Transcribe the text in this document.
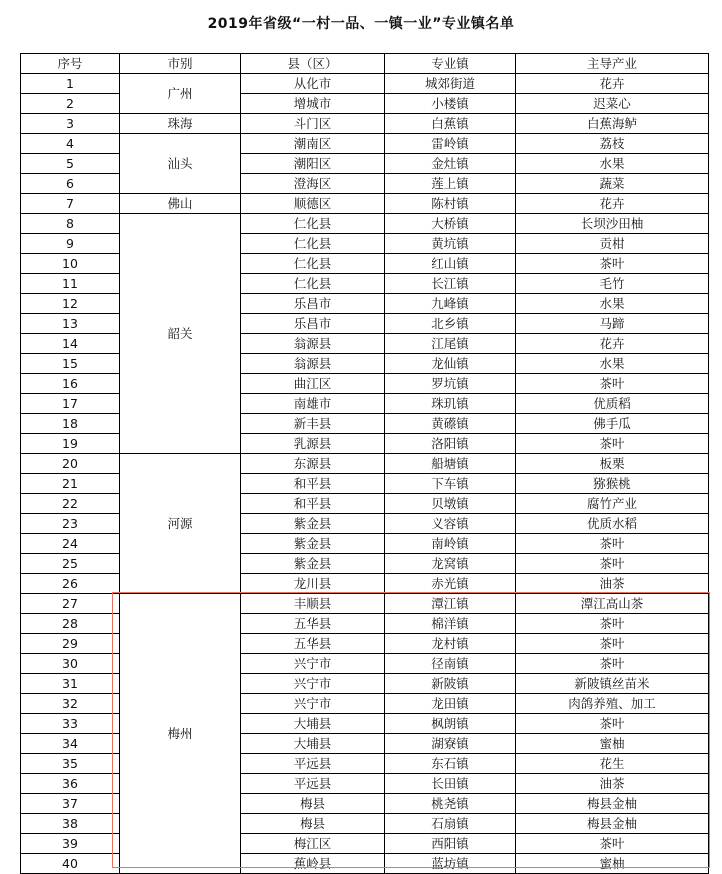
2019年省级“一村一品、一镇一业”专业镇名单
序号	市别	县（区）	专业镇	主导产业
1	广州	从化市	城郊街道	花卉
2		增城市	小楼镇	迟菜心
3	珠海	斗门区	白蕉镇	白蕉海鲈
4	汕头	潮南区	雷岭镇	荔枝
5		潮阳区	金灶镇	水果
6		澄海区	莲上镇	蔬菜
7	佛山	顺德区	陈村镇	花卉
8	韶关	仁化县	大桥镇	长坝沙田柚
9		仁化县	黄坑镇	贡柑
10		仁化县	红山镇	茶叶
11		仁化县	长江镇	毛竹
12		乐昌市	九峰镇	水果
13		乐昌市	北乡镇	马蹄
14		翁源县	江尾镇	花卉
15		翁源县	龙仙镇	水果
16		曲江区	罗坑镇	茶叶
17		南雄市	珠玑镇	优质稻
18		新丰县	黄礤镇	佛手瓜
19		乳源县	洛阳镇	茶叶
20	河源	东源县	船塘镇	板栗
21		和平县	下车镇	猕猴桃
22		和平县	贝墩镇	腐竹产业
23		紫金县	义容镇	优质水稻
24		紫金县	南岭镇	茶叶
25		紫金县	龙窝镇	茶叶
26		龙川县	赤光镇	油茶
27	梅州	丰顺县	潭江镇	潭江高山茶
28		五华县	棉洋镇	茶叶
29		五华县	龙村镇	茶叶
30		兴宁市	径南镇	茶叶
31		兴宁市	新陂镇	新陂镇丝苗米
32		兴宁市	龙田镇	肉鸽养殖、加工
33		大埔县	枫朗镇	茶叶
34		大埔县	湖寮镇	蜜柚
35		平远县	东石镇	花生
36		平远县	长田镇	油茶
37		梅县	桃尧镇	梅县金柚
38		梅县	石扇镇	梅县金柚
39		梅江区	西阳镇	茶叶
40		蕉岭县	蓝坊镇	蜜柚
